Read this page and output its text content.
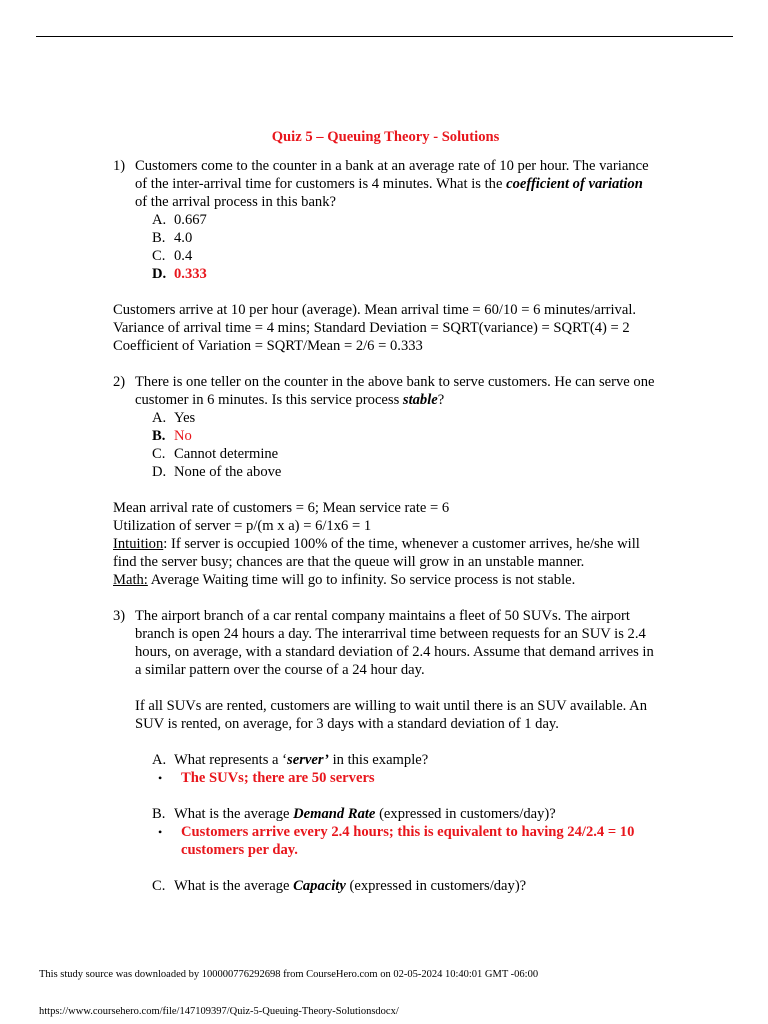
Quiz 5 – Queuing Theory - Solutions
1) Customers come to the counter in a bank at an average rate of 10 per hour. The variance of the inter-arrival time for customers is 4 minutes. What is the coefficient of variation of the arrival process in this bank?
A. 0.667
B. 4.0
C. 0.4
D. 0.333
Customers arrive at 10 per hour (average). Mean arrival time = 60/10 = 6 minutes/arrival.
Variance of arrival time = 4 mins; Standard Deviation = SQRT(variance) = SQRT(4) = 2
Coefficient of Variation = SQRT/Mean = 2/6 = 0.333
2) There is one teller on the counter in the above bank to serve customers. He can serve one customer in 6 minutes. Is this service process stable?
A. Yes
B. No
C. Cannot determine
D. None of the above
Mean arrival rate of customers = 6; Mean service rate = 6
Utilization of server = p/(m x a) = 6/1x6 = 1
Intuition: If server is occupied 100% of the time, whenever a customer arrives, he/she will find the server busy; chances are that the queue will grow in an unstable manner.
Math: Average Waiting time will go to infinity. So service process is not stable.
3) The airport branch of a car rental company maintains a fleet of 50 SUVs. The airport branch is open 24 hours a day. The interarrival time between requests for an SUV is 2.4 hours, on average, with a standard deviation of 2.4 hours. Assume that demand arrives in a similar pattern over the course of a 24 hour day.
If all SUVs are rented, customers are willing to wait until there is an SUV available. An SUV is rented, on average, for 3 days with a standard deviation of 1 day.
A. What represents a ‘server’ in this example?
•	The SUVs; there are 50 servers
B. What is the average Demand Rate (expressed in customers/day)?
•	Customers arrive every 2.4 hours; this is equivalent to having 24/2.4 = 10 customers per day.
C. What is the average Capacity (expressed in customers/day)?
This study source was downloaded by 100000776292698 from CourseHero.com on 02-05-2024 10:40:01 GMT -06:00
https://www.coursehero.com/file/147109397/Quiz-5-Queuing-Theory-Solutionsdocx/
